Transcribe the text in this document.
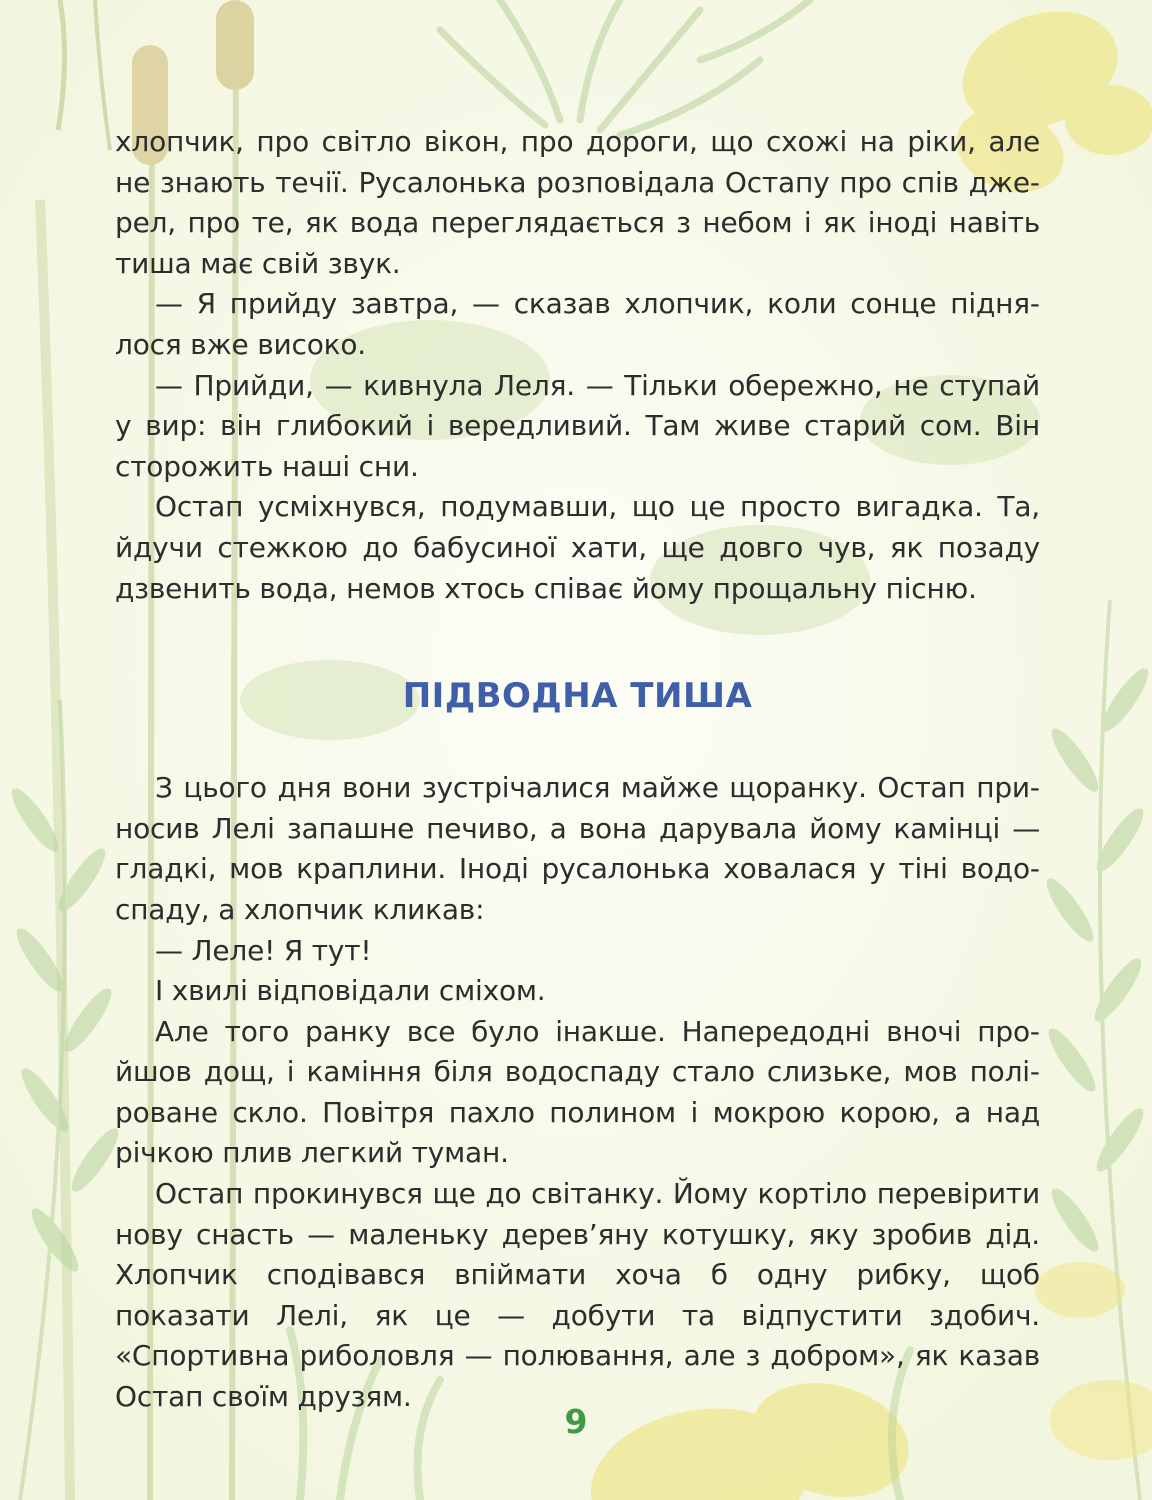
хлопчик, про світло вікон, про дороги, що схожі на ріки, але не знають течії. Русалонька розповідала Остапу про спів джерел, про те, як вода переглядається з небом і як іноді навіть тиша має свій звук.

— Я прийду завтра, — сказав хлопчик, коли сонце піднялося вже високо.

— Прийди, — кивнула Леля. — Тільки обережно, не ступай у вир: він глибокий і вередливий. Там живе старий сом. Він сторожить наші сни.

Остап усміхнувся, подумавши, що це просто вигадка. Та, йдучи стежкою до бабусиної хати, ще довго чув, як позаду дзвенить вода, немов хтось співає йому прощальну пісню.

ПІДВОДНА ТИША

З цього дня вони зустрічалися майже щоранку. Остап приносив Лелі запашне печиво, а вона дарувала йому камінці — гладкі, мов краплини. Іноді русалонька ховалася у тіні водоспаду, а хлопчик кликав:

— Леле! Я тут!

І хвилі відповідали сміхом.

Але того ранку все було інакше. Напередодні вночі пройшов дощ, і каміння біля водоспаду стало слизьке, мов поліроване скло. Повітря пахло полином і мокрою корою, а над річкою плив легкий туман.

Остап прокинувся ще до світанку. Йому кортіло перевірити нову снасть — маленьку дерев’яну котушку, яку зробив дід. Хлопчик сподівався впіймати хоча б одну рибку, щоб показати Лелі, як це — добути та відпустити здобич. «Спортивна риболовля — полювання, але з добром», як казав Остап своїм друзям.

9
